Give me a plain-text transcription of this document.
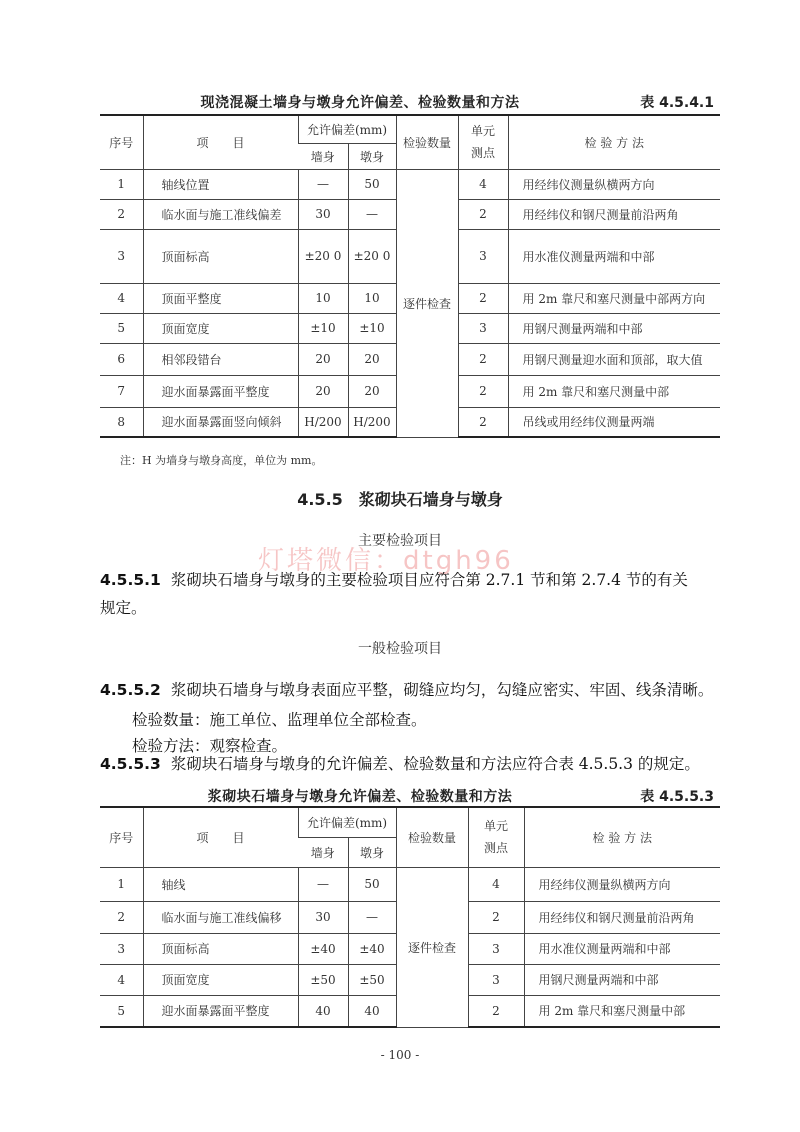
现浇混凝土墙身与墩身允许偏差、检验数量和方法	表 4.5.4.1
序号	项　　目	允许偏差(mm)		检验数量	单元测点	检 验 方 法
		墙身	墩身			
1	轴线位置	—	50	逐件检查	4	用经纬仪测量纵横两方向
2	临水面与施工准线偏差	30	—		2	用经纬仪和钢尺测量前沿两角
3	顶面标高	±20 0	±20 0		3	用水准仪测量两端和中部
4	顶面平整度	10	10		2	用 2m 靠尺和塞尺测量中部两方向
5	顶面宽度	±10	±10		3	用钢尺测量两端和中部
6	相邻段错台	20	20		2	用钢尺测量迎水面和顶部，取大值
7	迎水面暴露面平整度	20	20		2	用 2m 靠尺和塞尺测量中部
8	迎水面暴露面竖向倾斜	H/200	H/200		2	吊线或用经纬仪测量两端
注：H 为墙身与墩身高度，单位为 mm。
4.5.5　浆砌块石墙身与墩身
主要检验项目
灯塔微信：dtgh96
4.5.5.1 浆砌块石墙身与墩身的主要检验项目应符合第 2.7.1 节和第 2.7.4 节的有关
规定。
一般检验项目
4.5.5.2 浆砌块石墙身与墩身表面应平整，砌缝应均匀，勾缝应密实、牢固、线条清晰。
检验数量：施工单位、监理单位全部检查。
检验方法：观察检查。
4.5.5.3 浆砌块石墙身与墩身的允许偏差、检验数量和方法应符合表 4.5.5.3 的规定。
浆砌块石墙身与墩身允许偏差、检验数量和方法	表 4.5.5.3
序号	项　　目	允许偏差(mm)		检验数量	单元测点	检 验 方 法
		墙身	墩身			
1	轴线	—	50	逐件检查	4	用经纬仪测量纵横两方向
2	临水面与施工准线偏移	30	—		2	用经纬仪和钢尺测量前沿两角
3	顶面标高	±40	±40		3	用水准仪测量两端和中部
4	顶面宽度	±50	±50		3	用钢尺测量两端和中部
5	迎水面暴露面平整度	40	40		2	用 2m 靠尺和塞尺测量中部
- 100 -
